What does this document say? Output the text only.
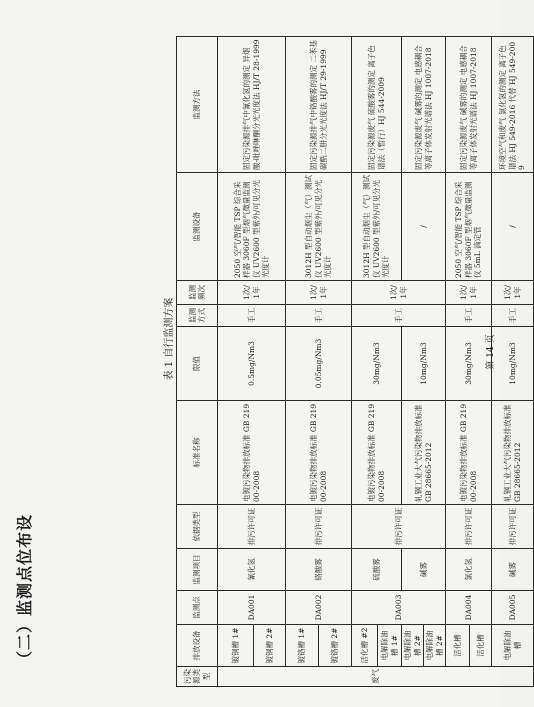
（二）监测点位布设
表 1 自行监测方案
污染源类型	排放设备	监测点	监测项目	依据类型	标准名称	限值	监测方式	监测频次	监测设备	监测方法
废气	镀铜槽 1#	DA001	氰化氢	排污许可证	电镀污染物排放标准 GB 21900-2008	0.5mg/Nm3	手工	1次/1年	2050 空气/智能 TSP 综合采样器 3060F 型烟气微量监测仪 UV2600 型紫外/可见分光光度计	固定污染源排气中氰化氢的测定 异烟酸-吡唑啉酮分光光度法 HJ/T 28-1999
	镀铜槽 2#									
	镀铬槽 1#	DA002	铬酸雾	排污许可证	电镀污染物排放标准 GB 21900-2008	0.05mg/Nm3	手工	1次/1年	3012H 型自动烟尘（气）测试仪 UV2600 型紫外/可见分光光度计	固定污染源排气中铬酸雾的测定 二苯基碳酰二肼分光光度法 HJ/T 29-1999
	镀铬槽 2#									
	活化槽 #2	DA003	硫酸雾	排污许可证	电镀污染物排放标准 GB 21900-2008	30mg/Nm3	手工	1次/1年	3012H 型自动烟尘（气）测试仪 UV2600 型紫外/可见分光光度计	固定污染源废气 硫酸雾的测定 离子色谱法（暂行）HJ 544-2009
	电解除油槽 1#									
	电解除油槽 2#		碱雾		轧钢工业大气污染物排放标准 GB 28665-2012	10mg/Nm3			/	固定污染源废气 碱雾的测定 电感耦合等离子体发射光谱法 HJ 1007-2018
	电解除油槽 2#									
	活化槽	DA004	氯化氢	排污许可证	电镀污染物排放标准 GB 21900-2008	30mg/Nm3	手工	1次/1年	2050 空气/智能 TSP 综合采样器 3060F 型烟气微量监测仪 5mL 滴定管	固定污染源废气 碱雾的测定 电感耦合等离子体发射光谱法 HJ 1007-2018
	活化槽									
	电解除油槽	DA005	碱雾	排污许可证	轧钢工业大气污染物排放标准 GB 28665-2012	10mg/Nm3	手工	1次/1年	/	环境空气和废气 氯化氢的测定 离子色谱法 HJ 549-2016 代替 HJ 549-2009
第 14 页
